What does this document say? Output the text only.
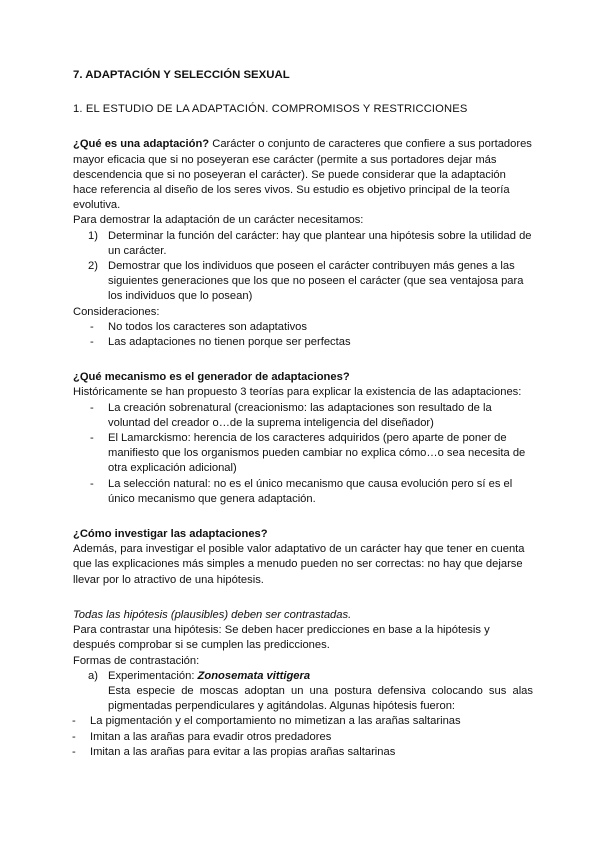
7. ADAPTACIÓN Y SELECCIÓN SEXUAL

1. EL ESTUDIO DE LA ADAPTACIÓN. COMPROMISOS Y RESTRICCIONES

¿Qué es una adaptación? Carácter o conjunto de caracteres que confiere a sus portadores mayor eficacia que si no poseyeran ese carácter (permite a sus portadores dejar más descendencia que si no poseyeran el carácter). Se puede considerar que la adaptación hace referencia al diseño de los seres vivos. Su estudio es objetivo principal de la teoría evolutiva.

Para demostrar la adaptación de un carácter necesitamos:

1) Determinar la función del carácter: hay que plantear una hipótesis sobre la utilidad de un carácter.
2) Demostrar que los individuos que poseen el carácter contribuyen más genes a las siguientes generaciones que los que no poseen el carácter (que sea ventajosa para los individuos que lo posean)

Consideraciones:

- No todos los caracteres son adaptativos
- Las adaptaciones no tienen porque ser perfectas

¿Qué mecanismo es el generador de adaptaciones?

Históricamente se han propuesto 3 teorías para explicar la existencia de las adaptaciones:

- La creación sobrenatural (creacionismo: las adaptaciones son resultado de la voluntad del creador o…de la suprema inteligencia del diseñador)
- El Lamarckismo: herencia de los caracteres adquiridos (pero aparte de poner de manifiesto que los organismos pueden cambiar no explica cómo…o sea necesita de otra explicación adicional)
- La selección natural: no es el único mecanismo que causa evolución pero sí es el único mecanismo que genera adaptación.

¿Cómo investigar las adaptaciones?

Además, para investigar el posible valor adaptativo de un carácter hay que tener en cuenta que las explicaciones más simples a menudo pueden no ser correctas: no hay que dejarse llevar por lo atractivo de una hipótesis.

Todas las hipótesis (plausibles) deben ser contrastadas.

Para contrastar una hipótesis: Se deben hacer predicciones en base a la hipótesis y después comprobar si se cumplen las predicciones.

Formas de contrastación:

a) Experimentación: Zonosemata vittigera

Esta especie de moscas adoptan un una postura defensiva colocando sus alas pigmentadas perpendiculares y agitándolas. Algunas hipótesis fueron:

- La pigmentación y el comportamiento no mimetizan a las arañas saltarinas
- Imitan a las arañas para evadir otros predadores
- Imitan a las arañas para evitar a las propias arañas saltarinas
